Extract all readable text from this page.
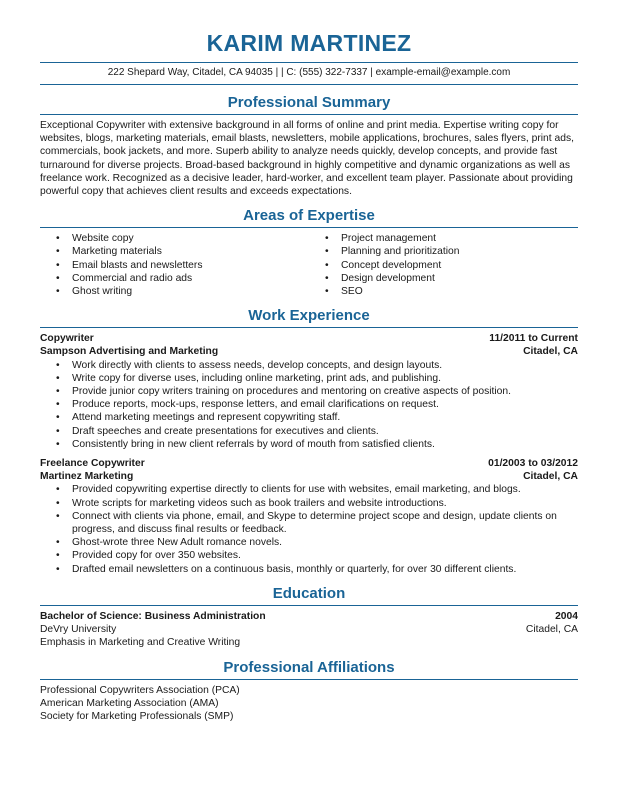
KARIM MARTINEZ
222 Shepard Way, Citadel, CA 94035 | | C: (555) 322-7337 | example-email@example.com
Professional Summary

Exceptional Copywriter with extensive background in all forms of online and print media. Expertise writing copy for websites, blogs, marketing materials, email blasts, newsletters, mobile applications, brochures, sales flyers, print ads, commercials, book jackets, and more. Superb ability to analyze needs quickly, develop concepts, and provide fast turnaround for diverse projects. Broad-based background in highly competitive and dynamic organizations as well as freelance work. Recognized as a decisive leader, hard-worker, and excellent team player. Passionate about providing powerful copy that achieves client results and exceeds expectations.

Areas of Expertise
• Website copy
• Marketing materials
• Email blasts and newsletters
• Commercial and radio ads
• Ghost writing
• Project management
• Planning and prioritization
• Concept development
• Design development
• SEO
Work Experience
Copywriter	11/2011 to Current
Sampson Advertising and Marketing	Citadel, CA
• Work directly with clients to assess needs, develop concepts, and design layouts.
• Write copy for diverse uses, including online marketing, print ads, and publishing.
• Provide junior copy writers training on procedures and mentoring on creative aspects of position.
• Produce reports, mock-ups, response letters, and email clarifications on request.
• Attend marketing meetings and represent copywriting staff.
• Draft speeches and create presentations for executives and clients.
• Consistently bring in new client referrals by word of mouth from satisfied clients.
Freelance Copywriter	01/2003 to 03/2012
Martinez Marketing	Citadel, CA
• Provided copywriting expertise directly to clients for use with websites, email marketing, and blogs.
• Wrote scripts for marketing videos such as book trailers and website introductions.
• Connect with clients via phone, email, and Skype to determine project scope and design, update clients on progress, and discuss final results or feedback.
• Ghost-wrote three New Adult romance novels.
• Provided copy for over 350 websites.
• Drafted email newsletters on a continuous basis, monthly or quarterly, for over 30 different clients.
Education
Bachelor of Science: Business Administration	2004
DeVry University	Citadel, CA
Emphasis in Marketing and Creative Writing
Professional Affiliations
Professional Copywriters Association (PCA)
American Marketing Association (AMA)
Society for Marketing Professionals (SMP)
